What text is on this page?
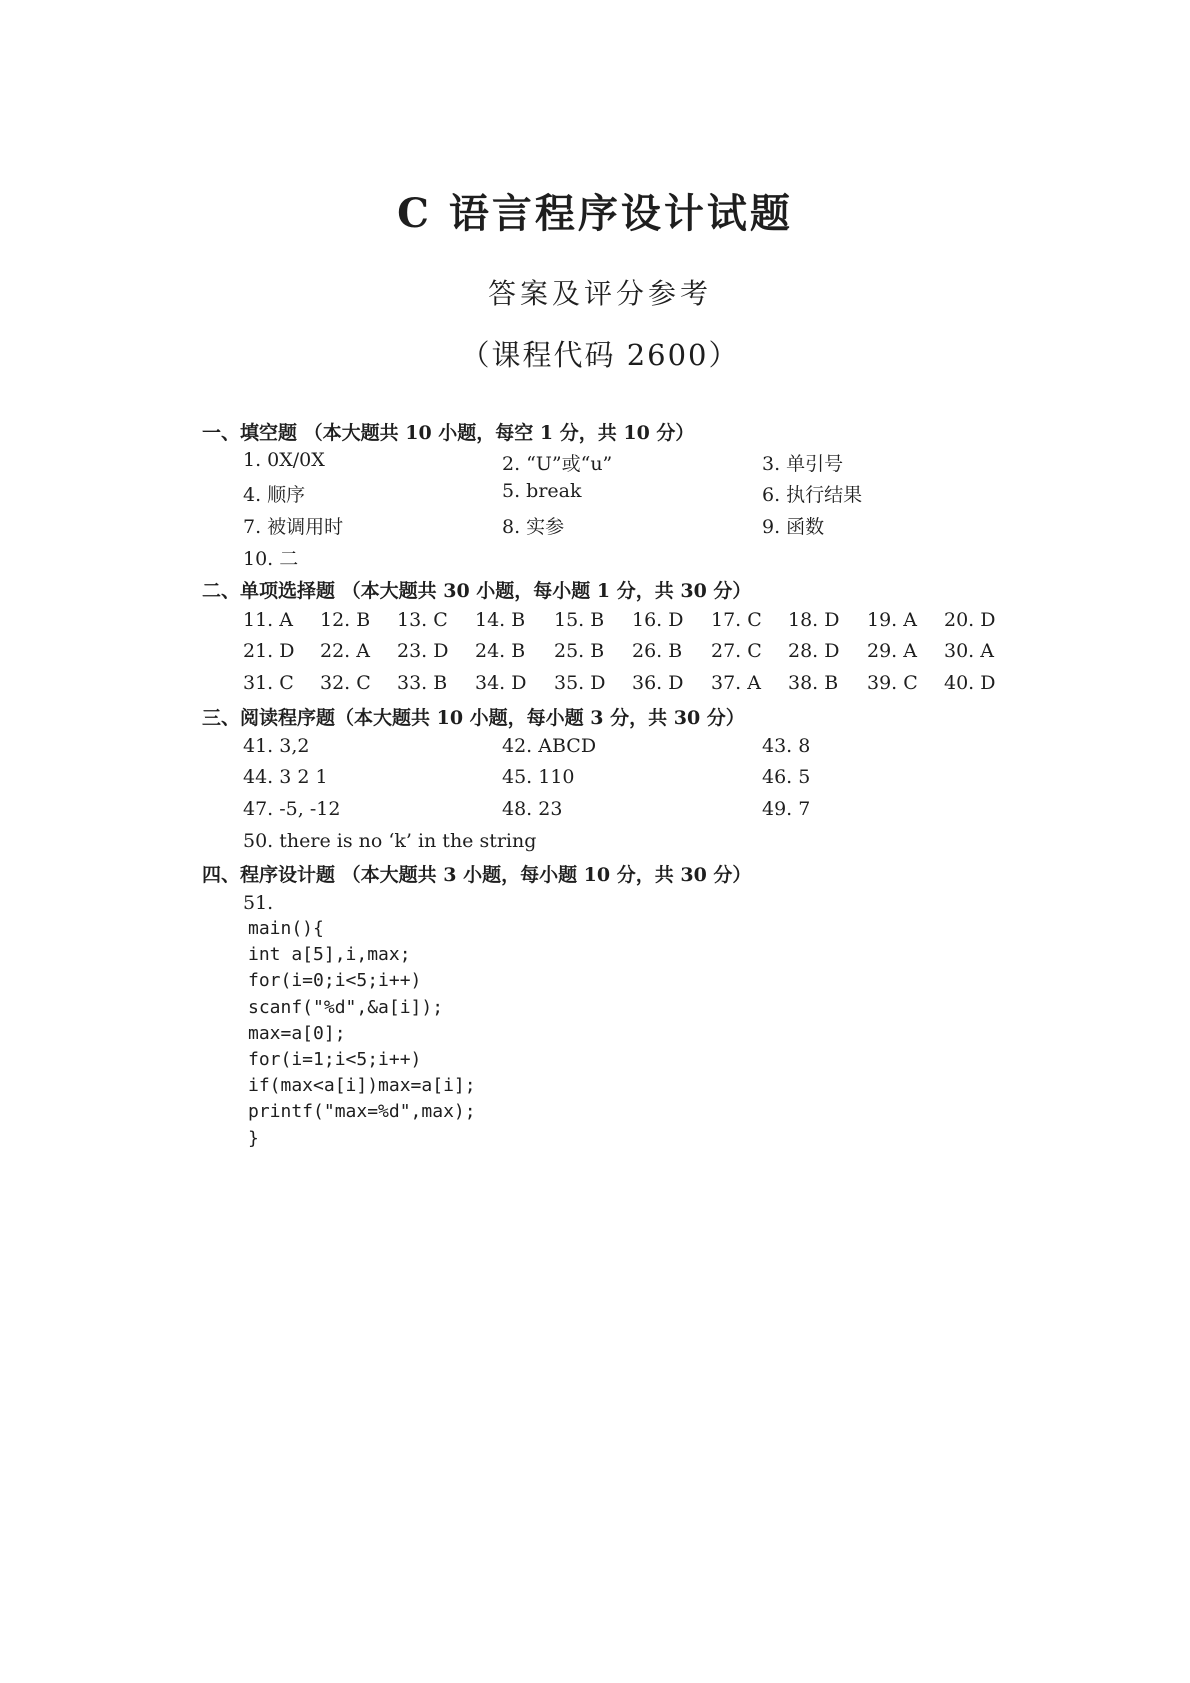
C 语言程序设计试题
答案及评分参考
（课程代码 2600）
一、填空题 （本大题共 10 小题，每空 1 分，共 10 分）
1. 0X/0X	2. “U”或“u”	3. 单引号
4. 顺序	5. break	6. 执行结果
7. 被调用时	8. 实参	9. 函数
10. 二
二、单项选择题 （本大题共 30 小题，每小题 1 分，共 30 分）
11. A 12. B 13. C 14. B 15. B 16. D 17. C 18. D 19. A 20. D
21. D 22. A 23. D 24. B 25. B 26. B 27. C 28. D 29. A 30. A
31. C 32. C 33. B 34. D 35. D 36. D 37. A 38. B 39. C 40. D
三、阅读程序题（本大题共 10 小题，每小题 3 分，共 30 分）
41. 3,2	42. ABCD	43. 8
44. 3 2 1	45. 110	46. 5
47. -5, -12	48. 23	49. 7
50. there is no ‘k’ in the string
四、程序设计题 （本大题共 3 小题，每小题 10 分，共 30 分）
51.
main(){
int a[5],i,max;
for(i=0;i<5;i++)
scanf("%d",&a[i]);
max=a[0];
for(i=1;i<5;i++)
if(max<a[i])max=a[i];
printf("max=%d",max);
}
